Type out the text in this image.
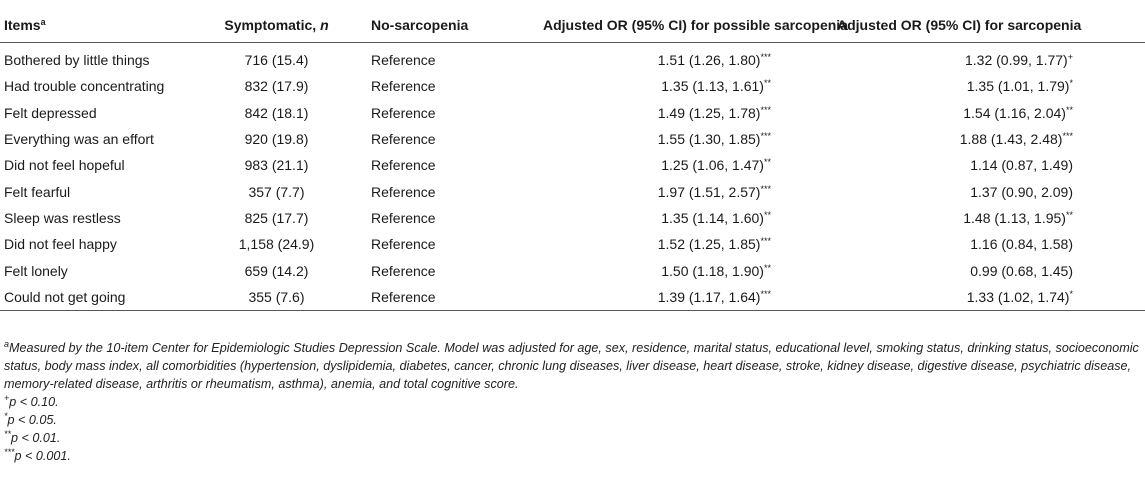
Items$^a$	Symptomatic, n	No-sarcopenia	Adjusted OR (95% CI) for possible sarcopenia	Adjusted OR (95% CI) for sarcopenia
Bothered by little things	716 (15.4)	Reference	1.51 (1.26, 1.80)***	1.32 (0.99, 1.77)+
Had trouble concentrating	832 (17.9)	Reference	1.35 (1.13, 1.61)**	1.35 (1.01, 1.79)*
Felt depressed	842 (18.1)	Reference	1.49 (1.25, 1.78)***	1.54 (1.16, 2.04)**
Everything was an effort	920 (19.8)	Reference	1.55 (1.30, 1.85)***	1.88 (1.43, 2.48)***
Did not feel hopeful	983 (21.1)	Reference	1.25 (1.06, 1.47)**	1.14 (0.87, 1.49)
Felt fearful	357 (7.7)	Reference	1.97 (1.51, 2.57)***	1.37 (0.90, 2.09)
Sleep was restless	825 (17.7)	Reference	1.35 (1.14, 1.60)**	1.48 (1.13, 1.95)**
Did not feel happy	1,158 (24.9)	Reference	1.52 (1.25, 1.85)***	1.16 (0.84, 1.58)
Felt lonely	659 (14.2)	Reference	1.50 (1.18, 1.90)**	0.99 (0.68, 1.45)
Could not get going	355 (7.6)	Reference	1.39 (1.17, 1.64)***	1.33 (1.02, 1.74)*

$^a$Measured by the 10-item Center for Epidemiologic Studies Depression Scale. Model was adjusted for age, sex, residence, marital status, educational level, smoking status, drinking status, socioeconomic status, body mass index, all comorbidities (hypertension, dyslipidemia, diabetes, cancer, chronic lung diseases, liver disease, heart disease, stroke, kidney disease, digestive disease, psychiatric disease, memory-related disease, arthritis or rheumatism, asthma), anemia, and total cognitive score.

+p < 0.10.

*p < 0.05.

**p < 0.01.

***p < 0.001.
